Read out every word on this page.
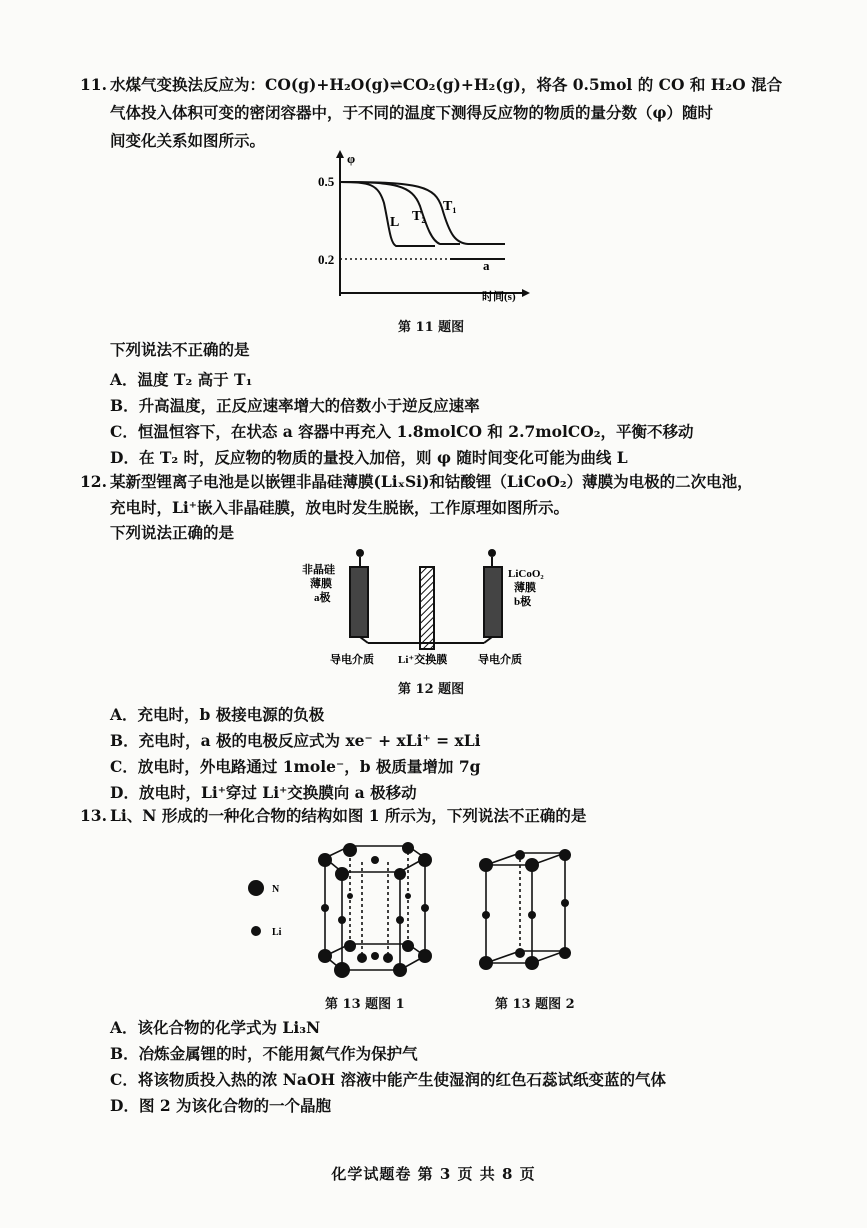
11. 水煤气变换法反应为：CO(g)+H₂O(g)⇌CO₂(g)+H₂(g)，将各 0.5mol 的 CO 和 H₂O 混合
气体投入体积可变的密闭容器中，于不同的温度下测得反应物的物质的量分数（φ）随时
间变化关系如图所示。
φ
时间(s)
0.5
0.2
L T₂
T₁
a
第 11 题图
下列说法不正确的是
A．温度 T₂ 高于 T₁
B．升高温度，正反应速率增大的倍数小于逆反应速率
C．恒温恒容下，在状态 a 容器中再充入 1.8molCO 和 2.7molCO₂，平衡不移动
D．在 T₂ 时，反应物的物质的量投入加倍，则 φ 随时间变化可能为曲线 L
12. 某新型锂离子电池是以嵌锂非晶硅薄膜(LiₓSi)和钴酸锂（LiCoO₂）薄膜为电极的二次电池，
充电时，Li⁺嵌入非晶硅膜，放电时发生脱嵌，工作原理如图所示。
下列说法正确的是
非晶硅
薄膜
a极
LiCoO₂
薄膜
b极
导电介质 Li⁺交换膜	导电介质
第 12 题图
A．充电时，b 极接电源的负极
B．充电时，a 极的电极反应式为 xe⁻ + xLi⁺ = xLi
C．放电时，外电路通过 1mole⁻，b 极质量增加 7g
D．放电时，Li⁺穿过 Li⁺交换膜向 a 极移动
13. Li、N 形成的一种化合物的结构如图 1 所示为，下列说法不正确的是
N
Li
第 13 题图 1	第 13 题图 2
A．该化合物的化学式为 Li₃N
B．冶炼金属锂的时，不能用氮气作为保护气
C．将该物质投入热的浓 NaOH 溶液中能产生使湿润的红色石蕊试纸变蓝的气体
D．图 2 为该化合物的一个晶胞
化学试题卷 第 3 页 共 8 页
